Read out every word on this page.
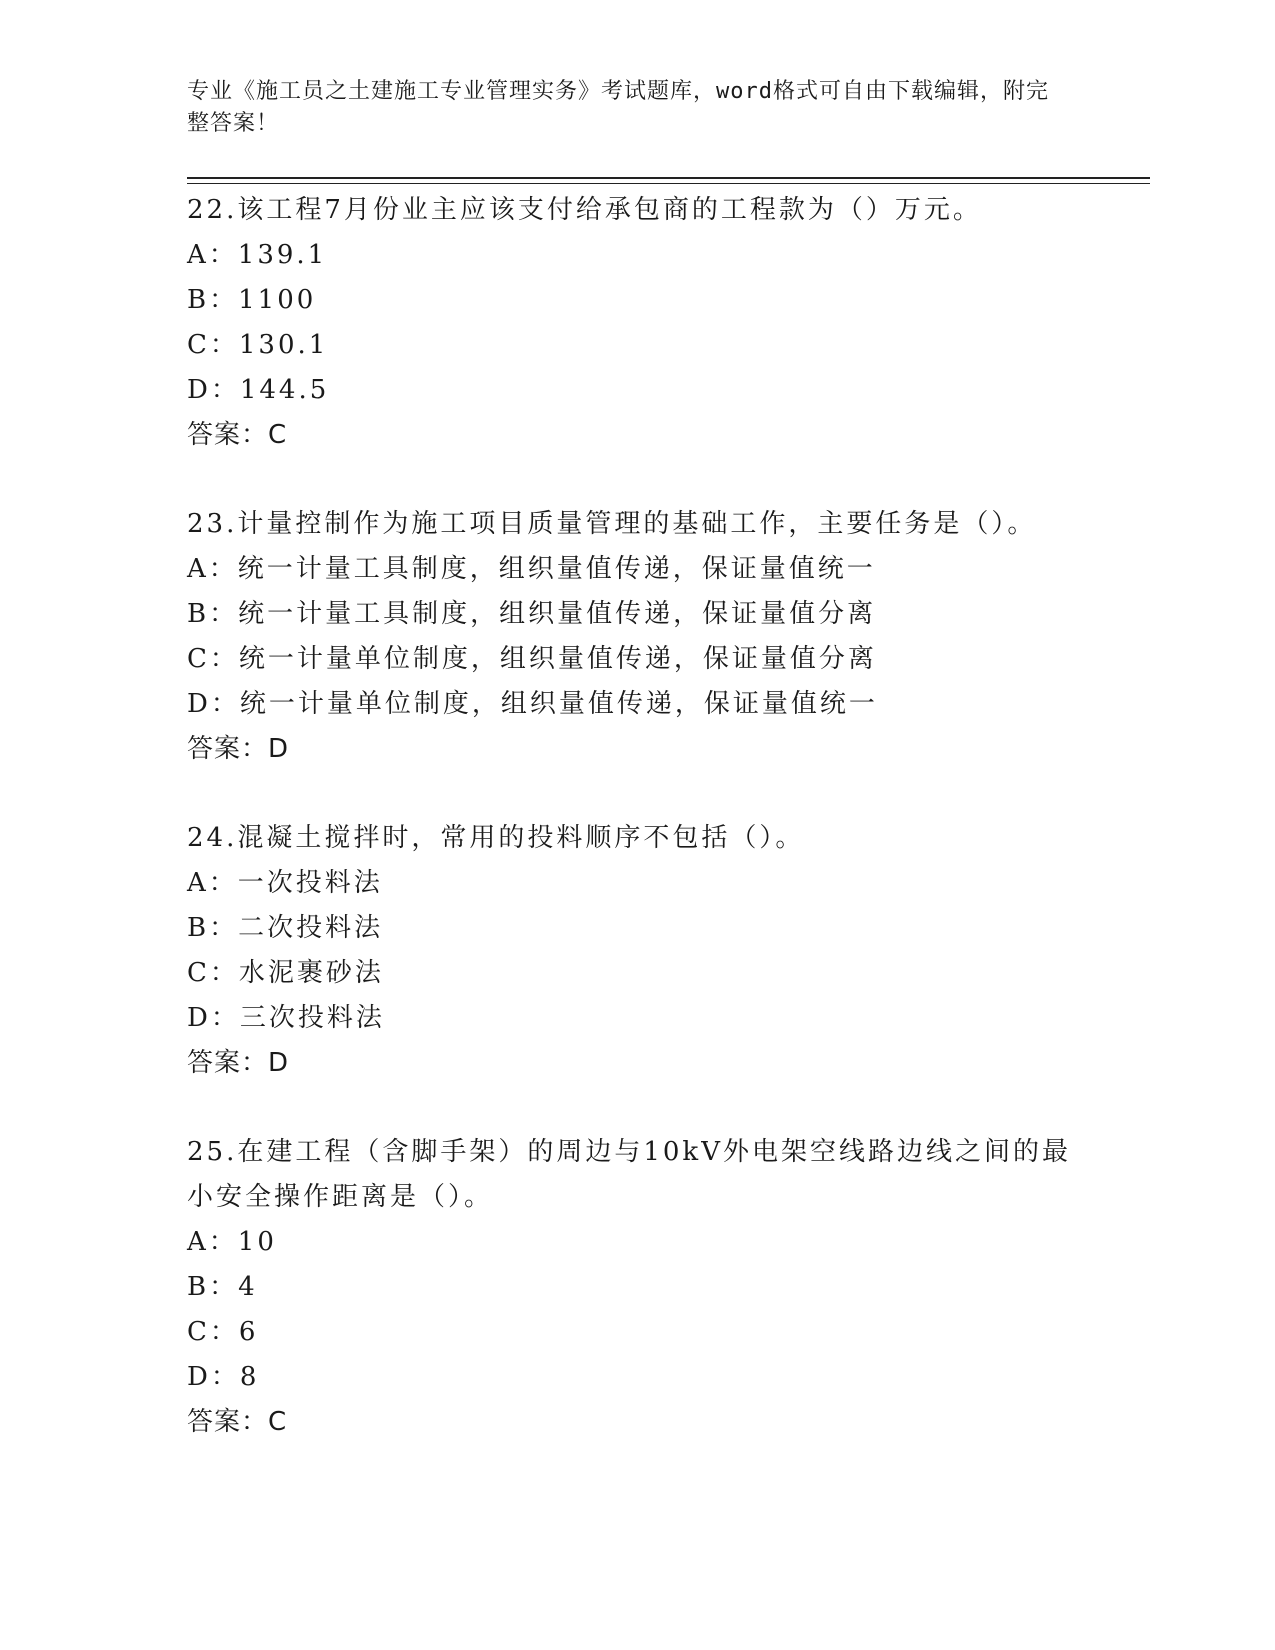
专业《施工员之土建施工专业管理实务》考试题库，word格式可自由下载编辑，附完整答案！
22.该工程7月份业主应该支付给承包商的工程款为（）万元。
A：139.1
B：1100
C：130.1
D：144.5
答案：C
23.计量控制作为施工项目质量管理的基础工作，主要任务是（）。
A：统一计量工具制度，组织量值传递，保证量值统一
B：统一计量工具制度，组织量值传递，保证量值分离
C：统一计量单位制度，组织量值传递，保证量值分离
D：统一计量单位制度，组织量值传递，保证量值统一
答案：D
24.混凝土搅拌时，常用的投料顺序不包括（）。
A：一次投料法
B：二次投料法
C：水泥裹砂法
D：三次投料法
答案：D
25.在建工程（含脚手架）的周边与10kV外电架空线路边线之间的最小安全操作距离是（）。
A：10
B：4
C：6
D：8
答案：C
